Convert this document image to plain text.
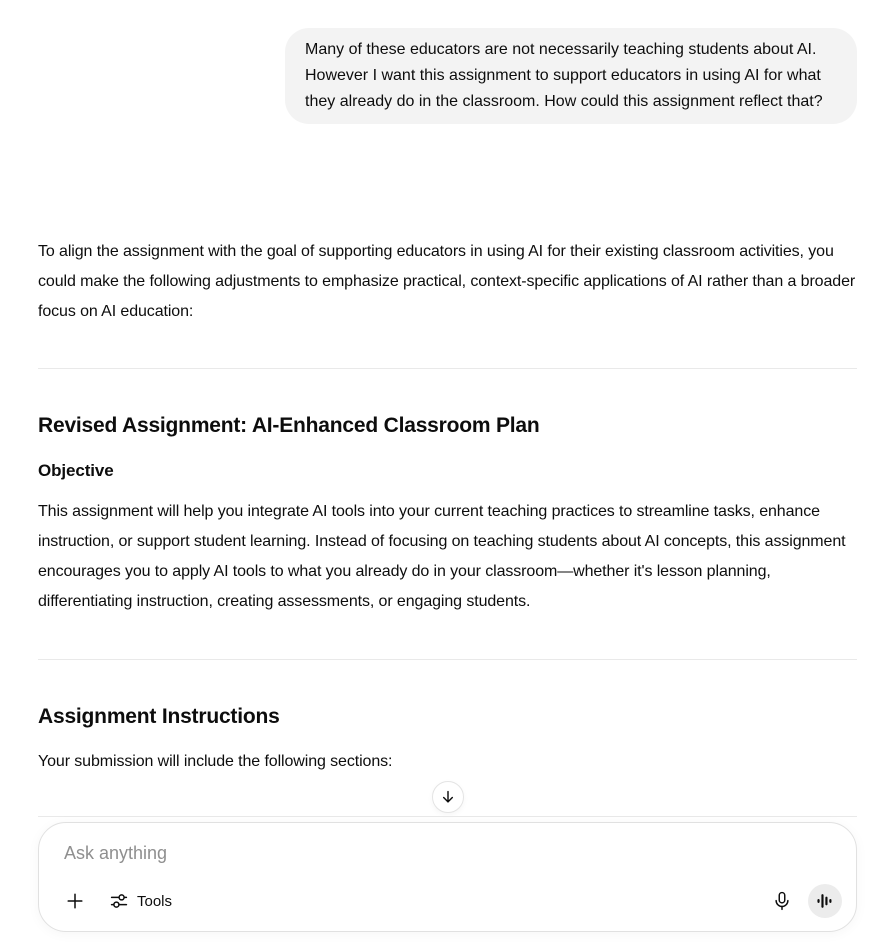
Many of these educators are not necessarily teaching students about AI. However I want this assignment to support educators in using AI for what they already do in the classroom. How could this assignment reflect that?
To align the assignment with the goal of supporting educators in using AI for their existing classroom activities, you could make the following adjustments to emphasize practical, context-specific applications of AI rather than a broader focus on AI education:
Revised Assignment: AI-Enhanced Classroom Plan
Objective
This assignment will help you integrate AI tools into your current teaching practices to streamline tasks, enhance instruction, or support student learning. Instead of focusing on teaching students about AI concepts, this assignment encourages you to apply AI tools to what you already do in your classroom—whether it's lesson planning, differentiating instruction, creating assessments, or engaging students.
Assignment Instructions
Your submission will include the following sections:
Ask anything
Tools
